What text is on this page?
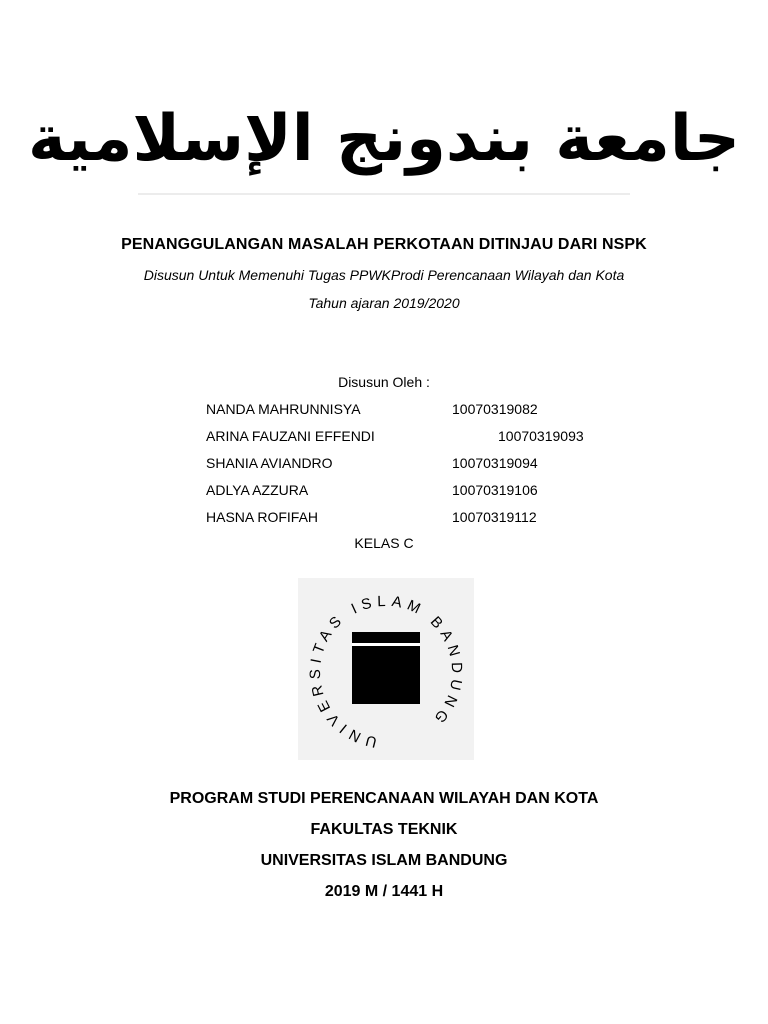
جامعة بندونج الإسلامية
PENANGGULANGAN MASALAH PERKOTAAN DITINJAU DARI NSPK
Disusun Untuk Memenuhi Tugas PPWKProdi Perencanaan Wilayah dan Kota
Tahun ajaran 2019/2020
Disusun Oleh :
NANDA MAHRUNNISYA	10070319082
ARINA FAUZANI EFFENDI	10070319093
SHANIA AVIANDRO	10070319094
ADLYA AZZURA	10070319106
HASNA ROFIFAH	10070319112
KELAS C
UNIVERSITAS ISLAM BANDUNG
PROGRAM STUDI PERENCANAAN WILAYAH DAN KOTA
FAKULTAS TEKNIK
UNIVERSITAS ISLAM BANDUNG
2019 M / 1441 H
